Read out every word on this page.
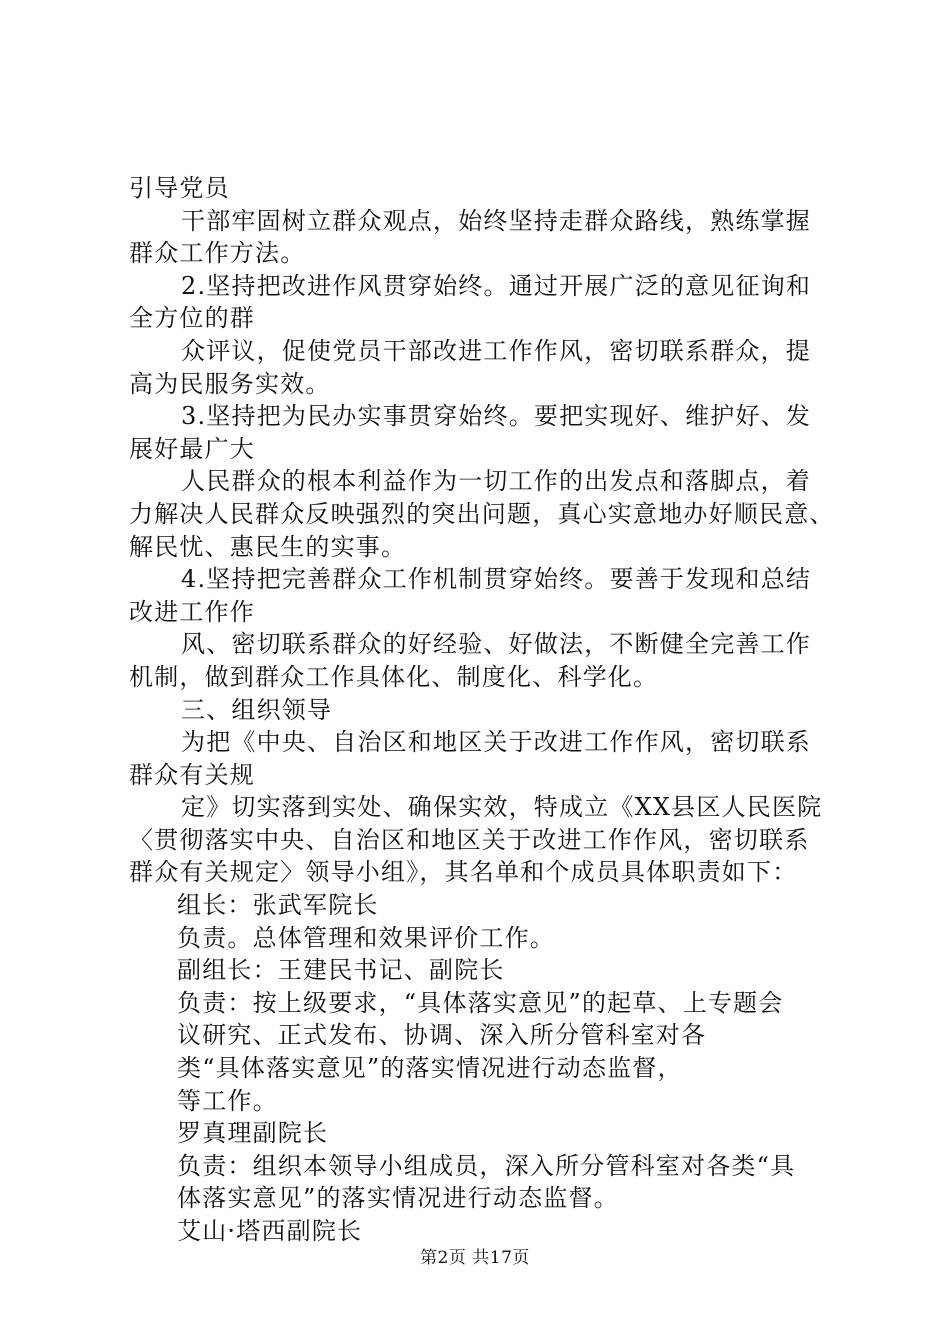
引导党员
干部牢固树立群众观点，始终坚持走群众路线，熟练掌握
群众工作方法。
2.坚持把改进作风贯穿始终。通过开展广泛的意见征询和
全方位的群
众评议，促使党员干部改进工作作风，密切联系群众，提
高为民服务实效。
3.坚持把为民办实事贯穿始终。要把实现好、维护好、发
展好最广大
人民群众的根本利益作为一切工作的出发点和落脚点，着
力解决人民群众反映强烈的突出问题，真心实意地办好顺民意、
解民忧、惠民生的实事。
4.坚持把完善群众工作机制贯穿始终。要善于发现和总结
改进工作作
风、密切联系群众的好经验、好做法，不断健全完善工作
机制，做到群众工作具体化、制度化、科学化。
三、组织领导
为把《中央、自治区和地区关于改进工作作风，密切联系
群众有关规
定》切实落到实处、确保实效，特成立《XX县区人民医院
〈贯彻落实中央、自治区和地区关于改进工作作风，密切联系
群众有关规定〉领导小组》，其名单和个成员具体职责如下：
组长：张武军院长
负责。总体管理和效果评价工作。
副组长：王建民书记、副院长
负责：按上级要求，“具体落实意见”的起草、上专题会
议研究、正式发布、协调、深入所分管科室对各
类“具体落实意见”的落实情况进行动态监督，
等工作。
罗真理副院长
负责：组织本领导小组成员，深入所分管科室对各类“具
体落实意见”的落实情况进行动态监督。
艾山·塔西副院长
第2页 共17页
